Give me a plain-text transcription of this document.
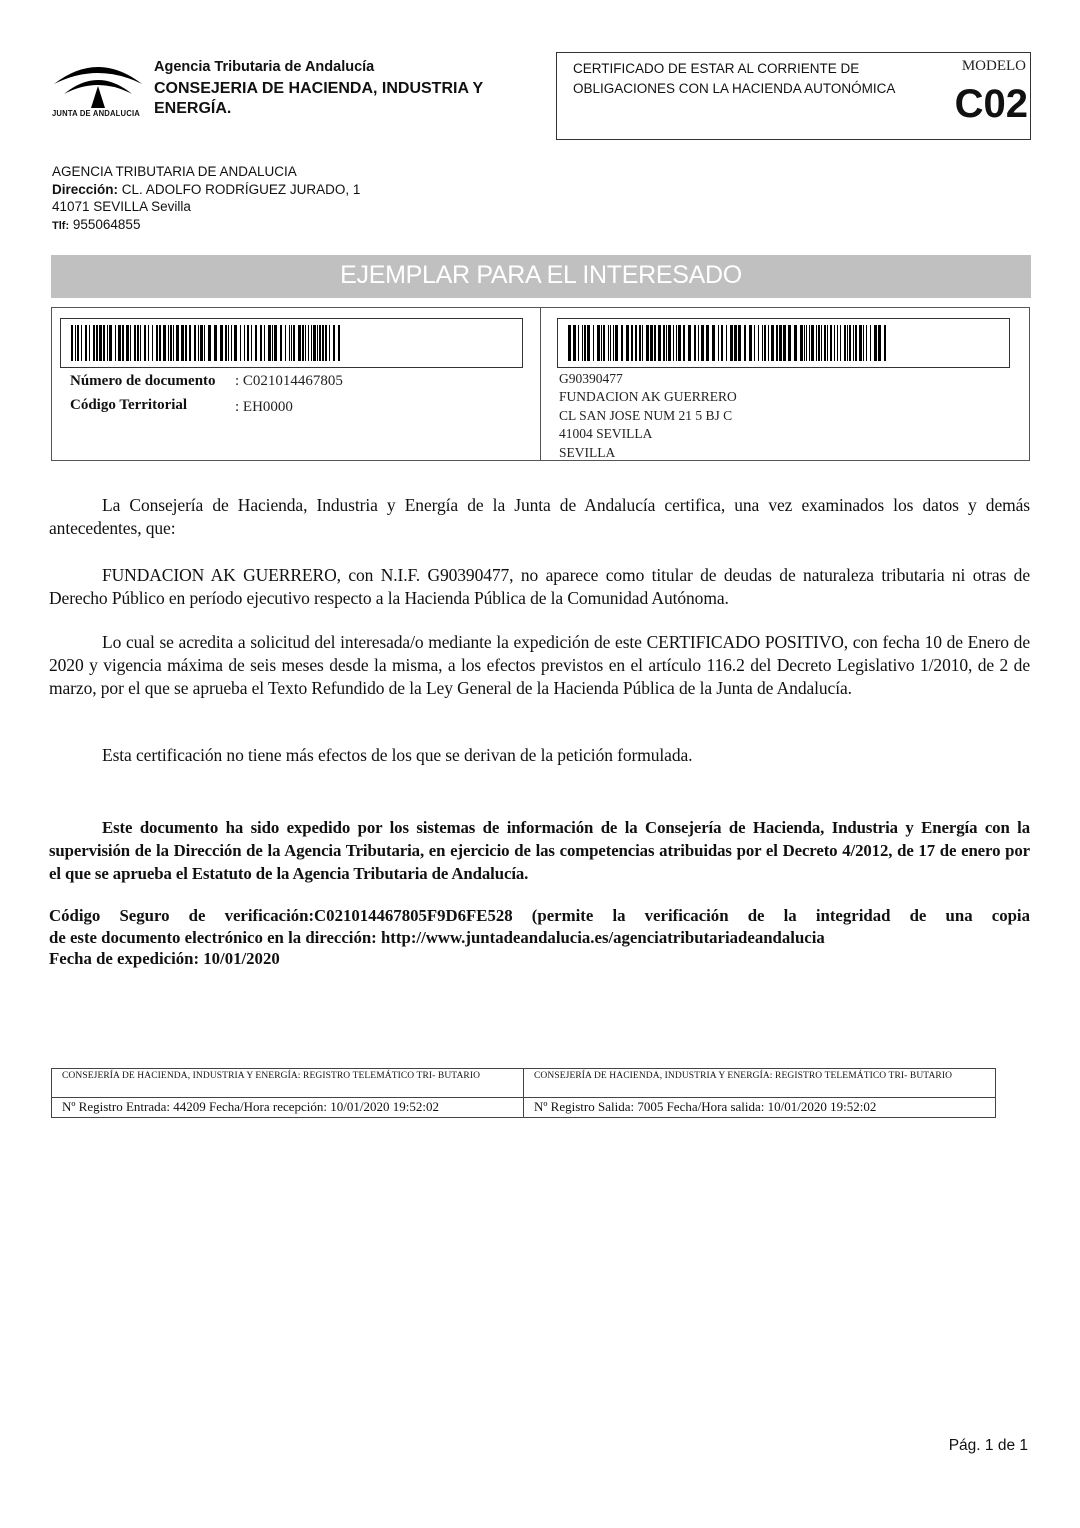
JUNTA DE ANDALUCIA
Agencia Tributaria de Andalucía
CONSEJERIA DE HACIENDA, INDUSTRIA Y ENERGÍA.
CERTIFICADO DE ESTAR AL CORRIENTE DE OBLIGACIONES CON LA HACIENDA AUTONÓMICA
MODELO
C02
AGENCIA TRIBUTARIA DE ANDALUCIA
Dirección: CL. ADOLFO RODRÍGUEZ JURADO, 1
41071 SEVILLA Sevilla
Tlf: 955064855
EJEMPLAR PARA EL INTERESADO
Número de documento	: C021014467805
Código Territorial	: EH0000
G90390477
FUNDACION AK GUERRERO
CL SAN JOSE NUM 21 5 BJ C
41004 SEVILLA
SEVILLA

La Consejería de Hacienda, Industria y Energía de la Junta de Andalucía certifica, una vez examinados los datos y demás antecedentes, que:

FUNDACION AK GUERRERO, con N.I.F. G90390477, no aparece como titular de deudas de naturaleza tributaria ni otras de Derecho Público en período ejecutivo respecto a la Hacienda Pública de la Comunidad Autónoma.

Lo cual se acredita a solicitud del interesada/o mediante la expedición de este CERTIFICADO POSITIVO, con fecha 10 de Enero de 2020 y vigencia máxima de seis meses desde la misma, a los efectos previstos en el artículo 116.2 del Decreto Legislativo 1/2010, de 2 de marzo, por el que se aprueba el Texto Refundido de la Ley General de la Hacienda Pública de la Junta de Andalucía.

Esta certificación no tiene más efectos de los que se derivan de la petición formulada.

Este documento ha sido expedido por los sistemas de información de la Consejería de Hacienda, Industria y Energía con la supervisión de la Dirección de la Agencia Tributaria, en ejercicio de las competencias atribuidas por el Decreto 4/2012, de 17 de enero por el que se aprueba el Estatuto de la Agencia Tributaria de Andalucía.

Código Seguro de verificación:C021014467805F9D6FE528 (permite la verificación de la integridad de una copia
de este documento electrónico en la dirección: http://www.juntadeandalucia.es/agenciatributariadeandalucia
Fecha de expedición: 10/01/2020
CONSEJERÍA DE HACIENDA, INDUSTRIA Y ENERGÍA: REGISTRO TELEMÁTICO TRI- BUTARIO	CONSEJERÍA DE HACIENDA, INDUSTRIA Y ENERGÍA: REGISTRO TELEMÁTICO TRI- BUTARIO
Nº Registro Entrada: 44209 Fecha/Hora recepción: 10/01/2020 19:52:02	Nº Registro Salida: 7005 Fecha/Hora salida: 10/01/2020 19:52:02
Pág. 1 de 1
